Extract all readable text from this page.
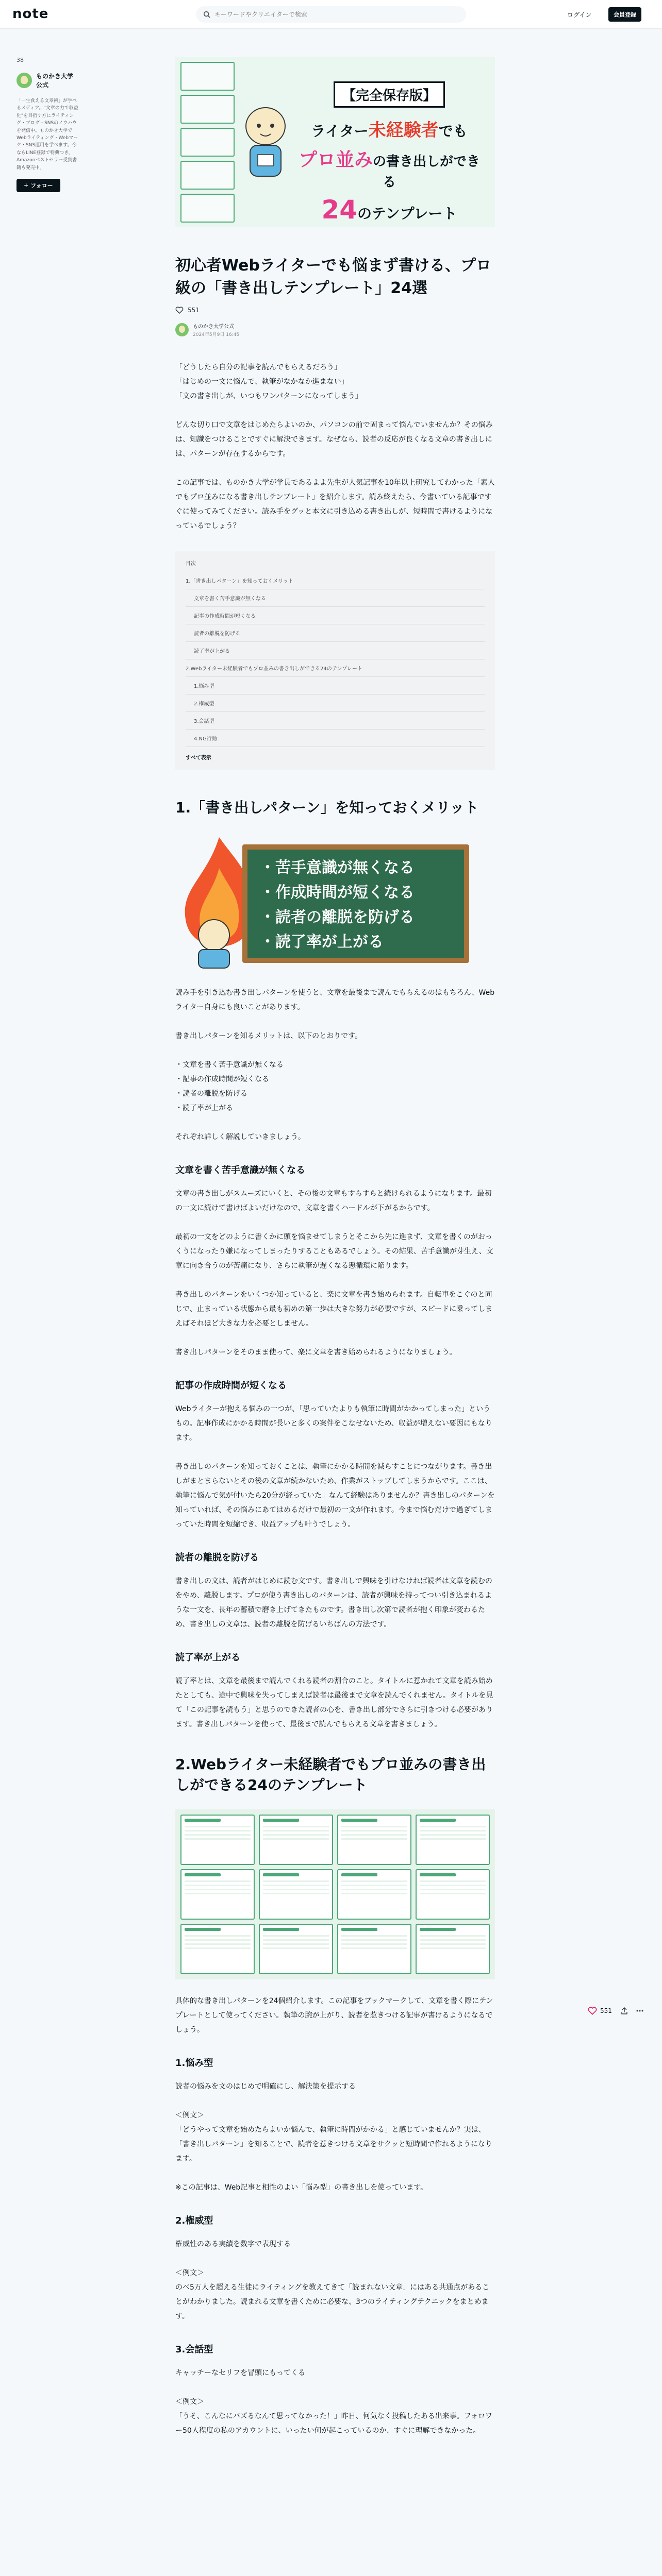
note
キーワードやクリエイターで検索	ログイン	会員登録
38
ものかき大学公式
「一生食える文章術」が学べるメディア。"文章の力で収益化"を目指す方にライティング・ブログ・SNSのノウハウを発信中。ものかき大学でWebライティング・Webマーケ・SNS運用を学べます。今ならLINE登録で特典つき。Amazonベストセラー受賞書籍も発売中。
+ フォロー
【完全保存版】
ライター未経験者でも
プロ並みの書き出しができる
24のテンプレート
初心者Webライターでも悩まず書ける、プロ級の「書き出しテンプレート」24選
551
ものかき大学公式
2024年5月9日 16:45

「どうしたら自分の記事を読んでもらえるだろう」
「はじめの一文に悩んで、執筆がなかなか進まない」
「文の書き出しが、いつもワンパターンになってしまう」

どんな切り口で文章をはじめたらよいのか、パソコンの前で固まって悩んでいませんか？その悩みは、知識をつけることですぐに解決できます。なぜなら、読者の反応が良くなる文章の書き出しには、パターンが存在するからです。

この記事では、ものかき大学が学長であるよよ先生が人気記事を10年以上研究してわかった「素人でもプロ並みになる書き出しテンプレート」を紹介します。読み終えたら、今書いている記事ですぐに使ってみてください。読み手をグッと本文に引き込める書き出しが、短時間で書けるようになっているでしょう？

目次
1.「書き出しパターン」を知っておくメリット
文章を書く苦手意識が無くなる
記事の作成時間が短くなる
読者の離脱を防げる
読了率が上がる
2.Webライター未経験者でもプロ並みの書き出しができる24のテンプレート
1.悩み型
2.権威型
3.会話型
4.NG行動
すべて表示
1.「書き出しパターン」を知っておくメリット
・苦手意識が無くなる
・作成時間が短くなる
・読者の離脱を防げる
・読了率が上がる

読み手を引き込む書き出しパターンを使うと、文章を最後まで読んでもらえるのはもちろん、Webライター自身にも良いことがあります。

書き出しパターンを知るメリットは、以下のとおりです。

・文章を書く苦手意識が無くなる
・記事の作成時間が短くなる
・読者の離脱を防げる
・読了率が上がる

それぞれ詳しく解説していきましょう。

文章を書く苦手意識が無くなる

文章の書き出しがスムーズにいくと、その後の文章もすらすらと続けられるようになります。最初の一文に続けて書けばよいだけなので、文章を書くハードルが下がるからです。

最初の一文をどのように書くかに頭を悩ませてしまうとそこから先に進まず、文章を書くのがおっくうになったり嫌になってしまったりすることもあるでしょう。その結果、苦手意識が芽生え、文章に向き合うのが苦痛になり、さらに執筆が遅くなる悪循環に陥ります。

書き出しのパターンをいくつか知っていると、楽に文章を書き始められます。自転車をこぐのと同じで、止まっている状態から最も初めの第一歩は大きな努力が必要ですが、スピードに乗ってしまえばそれほど大きな力を必要としません。

書き出しパターンをそのまま使って、楽に文章を書き始められるようになりましょう。

記事の作成時間が短くなる

Webライターが抱える悩みの一つが、「思っていたよりも執筆に時間がかかってしまった」というもの。記事作成にかかる時間が長いと多くの案件をこなせないため、収益が増えない要因にもなります。

書き出しのパターンを知っておくことは、執筆にかかる時間を減らすことにつながります。書き出しがまとまらないとその後の文章が続かないため、作業がストップしてしまうからです。ここは、執筆に悩んで気が付いたら20分が経っていた」なんて経験はありませんか？書き出しのパターンを知っていれば、その悩みにあてはめるだけで最初の一文が作れます。今まで悩むだけで過ぎてしまっていた時間を短縮でき、収益アップも叶うでしょう。

読者の離脱を防げる

書き出しの文は、読者がはじめに読む文です。書き出しで興味を引けなければ読者は文章を読むのをやめ、離脱します。プロが使う書き出しのパターンは、読者が興味を持ってつい引き込まれるような一文を、長年の蓄積で磨き上げてきたものです。書き出し次第で読者が抱く印象が変わるため、書き出しの文章は、読者の離脱を防げるいちばんの方法です。

読了率が上がる

読了率とは、文章を最後まで読んでくれる読者の割合のこと。タイトルに惹かれて文章を読み始めたとしても、途中で興味を失ってしまえば読者は最後まで文章を読んでくれません。タイトルを見て「この記事を読もう」と思うのできた読者の心を、書き出し部分でさらに引きつける必要があります。書き出しパターンを使って、最後まで読んでもらえる文章を書きましょう。

2.Webライター未経験者でもプロ並みの書き出しができる24のテンプレート

具体的な書き出しパターンを24個紹介します。この記事をブックマークして、文章を書く際にテンプレートとして使ってください。執筆の腕が上がり、読者を惹きつける記事が書けるようになるでしょう。

1.悩み型

読者の悩みを文のはじめで明確にし、解決策を提示する

＜例文＞

「どうやって文章を始めたらよいか悩んで、執筆に時間がかかる」と感じていませんか？実は、「書き出しパターン」を知ることで、読者を惹きつける文章をサクッと短時間で作れるようになります。

※この記事は、Web記事と相性のよい「悩み型」の書き出しを使っています。

2.権威型

権威性のある実績を数字で表現する

＜例文＞

のべ5万人を超える生徒にライティングを教えてきて「読まれない文章」にはある共通点があることがわかりました。読まれる文章を書くために必要な、3つのライティングテクニックをまとめます。

3.会話型

キャッチーなセリフを冒頭にもってくる

＜例文＞

「うそ、こんなにバズるなんて思ってなかった！」昨日、何気なく投稿したある出来事。フォロワー50人程度の私のアカウントに、いったい何が起こっているのか、すぐに理解できなかった。

551
